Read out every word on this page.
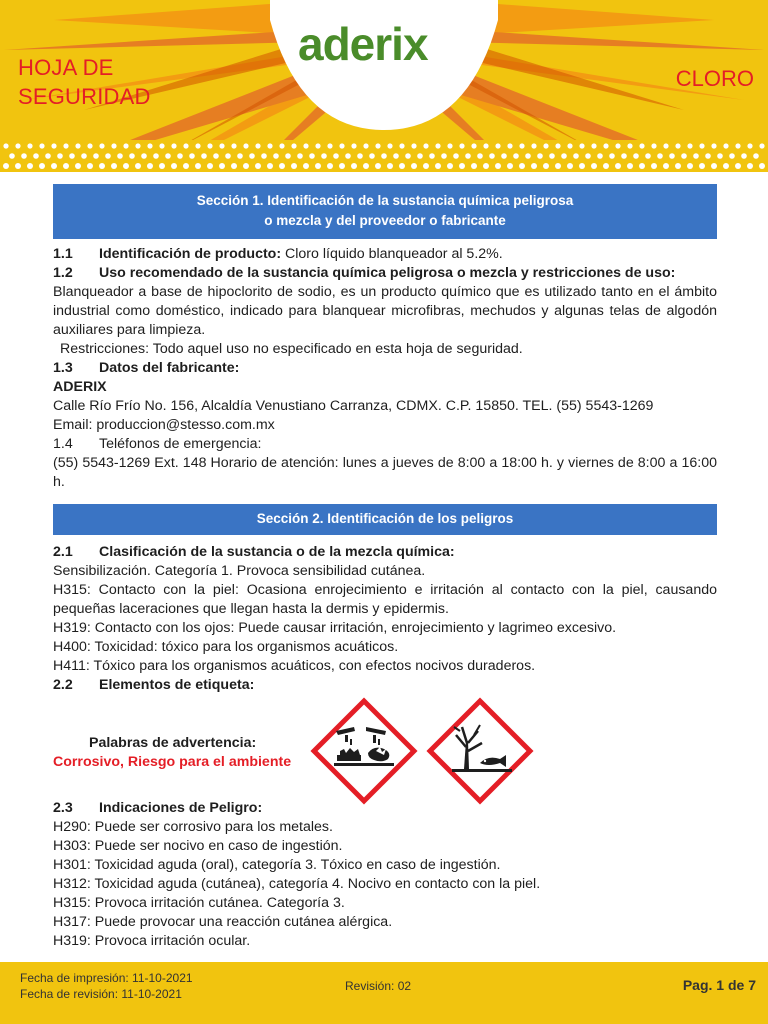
HOJA DE
SEGURIDAD
aderix
CLORO
Sección 1. Identificación de la sustancia química peligrosa
o mezcla y del proveedor o fabricante
1.1 Identificación de producto: Cloro líquido blanqueador al 5.2%.
1.2 Uso recomendado de la sustancia química peligrosa o mezcla y restricciones de uso:
Blanqueador a base de hipoclorito de sodio, es un producto químico que es utilizado tanto en el ámbito industrial como doméstico, indicado para blanquear microfibras, mechudos y algunas telas de algodón auxiliares para limpieza.
Restricciones: Todo aquel uso no especificado en esta hoja de seguridad.
1.3 Datos del fabricante:
ADERIX
Calle Río Frío No. 156, Alcaldía Venustiano Carranza, CDMX. C.P. 15850. TEL. (55) 5543-1269
Email: produccion@stesso.com.mx
1.4 Teléfonos de emergencia:
(55) 5543-1269 Ext. 148 Horario de atención: lunes a jueves de 8:00 a 18:00 h. y viernes de 8:00 a 16:00 h.
Sección 2. Identificación de los peligros
2.1 Clasificación de la sustancia o de la mezcla química:
Sensibilización. Categoría 1. Provoca sensibilidad cutánea.
H315: Contacto con la piel: Ocasiona enrojecimiento e irritación al contacto con la piel, causando pequeñas laceraciones que llegan hasta la dermis y epidermis.
H319: Contacto con los ojos: Puede causar irritación, enrojecimiento y lagrimeo excesivo.
H400: Toxicidad: tóxico para los organismos acuáticos.
H411: Tóxico para los organismos acuáticos, con efectos nocivos duraderos.
2.2 Elementos de etiqueta:
Palabras de advertencia:
Corrosivo, Riesgo para el ambiente
2.3 Indicaciones de Peligro:
H290: Puede ser corrosivo para los metales.
H303: Puede ser nocivo en caso de ingestión.
H301: Toxicidad aguda (oral), categoría 3. Tóxico en caso de ingestión.
H312: Toxicidad aguda (cutánea), categoría 4. Nocivo en contacto con la piel.
H315: Provoca irritación cutánea. Categoría 3.
H317: Puede provocar una reacción cutánea alérgica.
H319: Provoca irritación ocular.
Fecha de impresión: 11-10-2021
Fecha de revisión: 11-10-2021
Revisión: 02	Pag. 1 de 7
